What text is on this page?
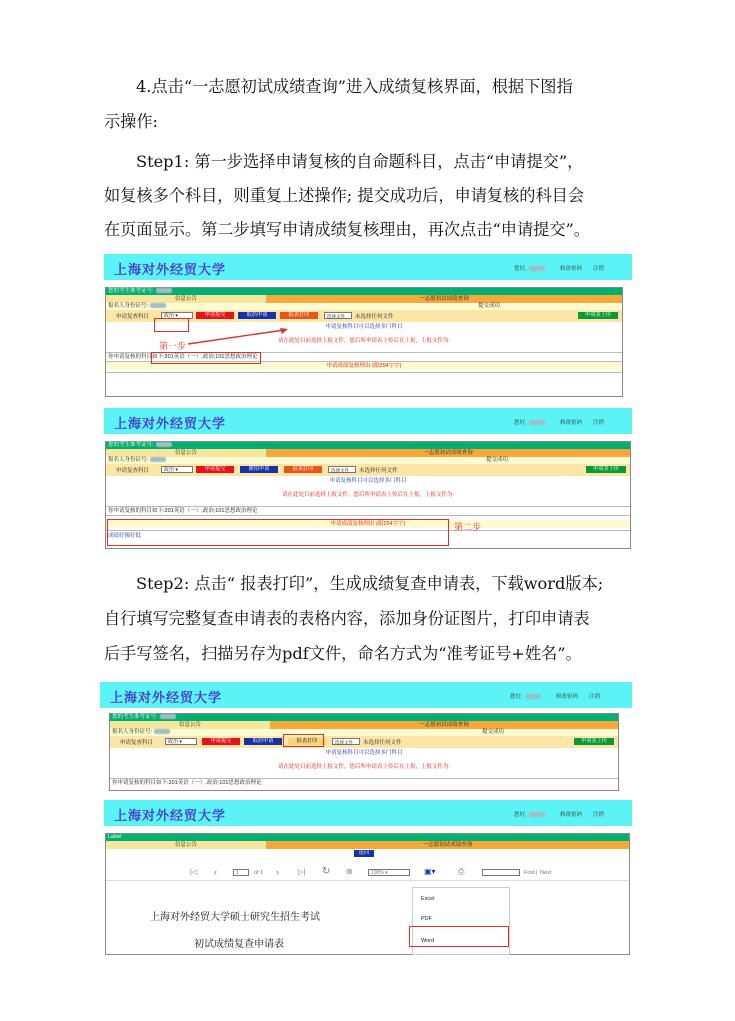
4.点击“一志愿初试成绩查询”进入成绩复核界面，根据下图指

示操作:

Step1: 第一步选择申请复核的自命题科目，点击“申请提交”，

如复核多个科目，则重复上述操作; 提交成功后，申请复核的科目会

在页面显示。第二步填写申请成绩复核理由，再次点击“申请提交”。

上海对外经贸大学	您好,	修改密码 注销
您的考生准考证号:
信息公告	一志愿初试成绩查询
报名人身份证号:	提交成功
申请复查科目	政治 ▾	申请提交	取消申请	报表打印	选择文件	未选择任何文件	申请表上传
申请复核科目可以选择多门科目
请在此处目前选择上报文件，您后所申请表上传后在上报，上报文件为:
你申请复核的科目如下:201英语（一）,政治;101思想政治理论
申请成绩复核理由 (限254字字)
第一步
上海对外经贸大学	您好,	修改密码 注销
您的考生准考证号:
信息公告	一志愿初试成绩查询
报名人身份证号:	提交成功
申请复查科目	政治 ▾	申请提交	撤销申请	报表打印	选择文件	未选择任何文件	申请表上传
申请复核科目可以选择多门科目
请在此处目前选择上报文件，您后所申请表上传后在上报，上报文件为:
你申请复核的科目如下:201英语（一）,政治;101思想政治理论
申请成绩复核理由 (限254字字)
成绩好像好低
第二步

Step2: 点击“ 报表打印”，生成成绩复查申请表，下载word版本;

自行填写完整复查申请表的表格内容，添加身份证图片，打印申请表

后手写签名，扫描另存为pdf文件，命名方式为“准考证号+姓名”。

上海对外经贸大学	您好,	修改密码 注销
您的考生准考证号:
信息公告	一志愿初试成绩查询
报名人身份证号:	提交成功
申请复查科目	政治 ▾	申请提交	取消申请	报表打印	选择文件	未选择任何文件	申请表上传
申请复核科目可以选择多门科目
请在此处目前选择上报文件，您后所申请表上传后在上报，上报文件为:
你申请复核的科目如下:201英语（一）,政治;101思想政治理论
上海对外经贸大学	您好,	修改密码 注销
Label
信息公告	一志愿初试成绩查询
返回
|◁ ‹	1	of 1 ›	▷| ↻ ⊛	100% ▾	▣▾	⎙	Find | Next
Excel
PDF
Word
上海对外经贸大学硕士研究生招生考试
初试成绩复查申请表
